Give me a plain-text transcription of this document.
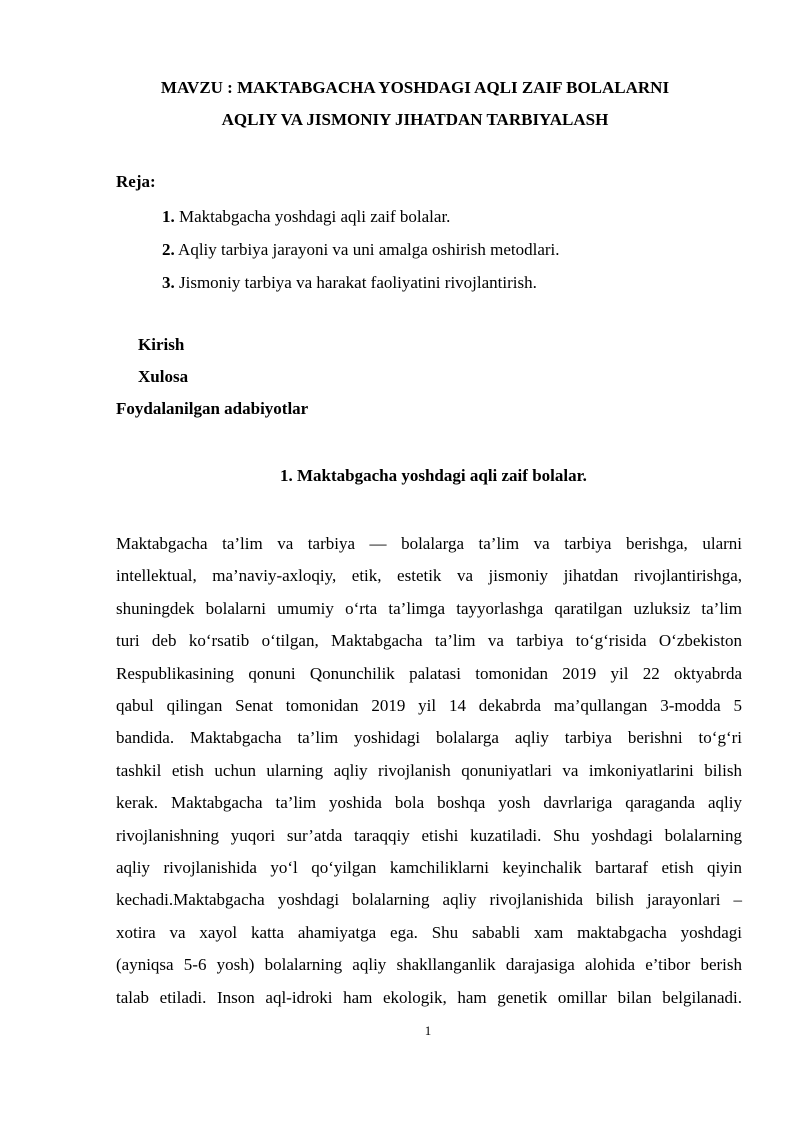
MAVZU : MAKTABGACHA YOSHDAGI AQLI ZAIF BOLALARNI
AQLIY VA JISMONIY JIHATDAN TARBIYALASH
Reja:
1. Maktabgacha yoshdagi aqli zaif bolalar.
2. Aqliy tarbiya jarayoni va uni amalga oshirish metodlari.
3. Jismoniy tarbiya va harakat faoliyatini rivojlantirish.
Kirish
Xulosa
Foydalanilgan adabiyotlar
1. Maktabgacha yoshdagi aqli zaif bolalar.
Maktabgacha ta’lim va tarbiya — bolalarga ta’lim va tarbiya berishga, ularni
intellektual, ma’naviy-axloqiy, etik, estetik va jismoniy jihatdan rivojlantirishga,
shuningdek bolalarni umumiy o‘rta ta’limga tayyorlashga qaratilgan uzluksiz ta’lim
turi deb ko‘rsatib o‘tilgan, Maktabgacha ta’lim va tarbiya to‘g‘risida O‘zbekiston
Respublikasining qonuni Qonunchilik palatasi tomonidan 2019 yil 22 oktyabrda
qabul qilingan Senat tomonidan 2019 yil 14 dekabrda ma’qullangan 3-modda 5
bandida. Maktabgacha ta’lim yoshidagi bolalarga aqliy tarbiya berishni to‘g‘ri
tashkil etish uchun ularning aqliy rivojlanish qonuniyatlari va imkoniyatlarini bilish
kerak. Maktabgacha ta’lim yoshida bola boshqa yosh davrlariga qaraganda aqliy
rivojlanishning yuqori sur’atda taraqqiy etishi kuzatiladi. Shu yoshdagi bolalarning
aqliy rivojlanishida yo‘l qo‘yilgan kamchiliklarni keyinchalik bartaraf etish qiyin
kechadi.Maktabgacha yoshdagi bolalarning aqliy rivojlanishida bilish jarayonlari –
xotira va xayol katta ahamiyatga ega. Shu sababli xam maktabgacha yoshdagi
(ayniqsa 5-6 yosh) bolalarning aqliy shakllanganlik darajasiga alohida e’tibor berish
talab etiladi. Inson aql-idroki ham ekologik, ham genetik omillar bilan belgilanadi.
1
